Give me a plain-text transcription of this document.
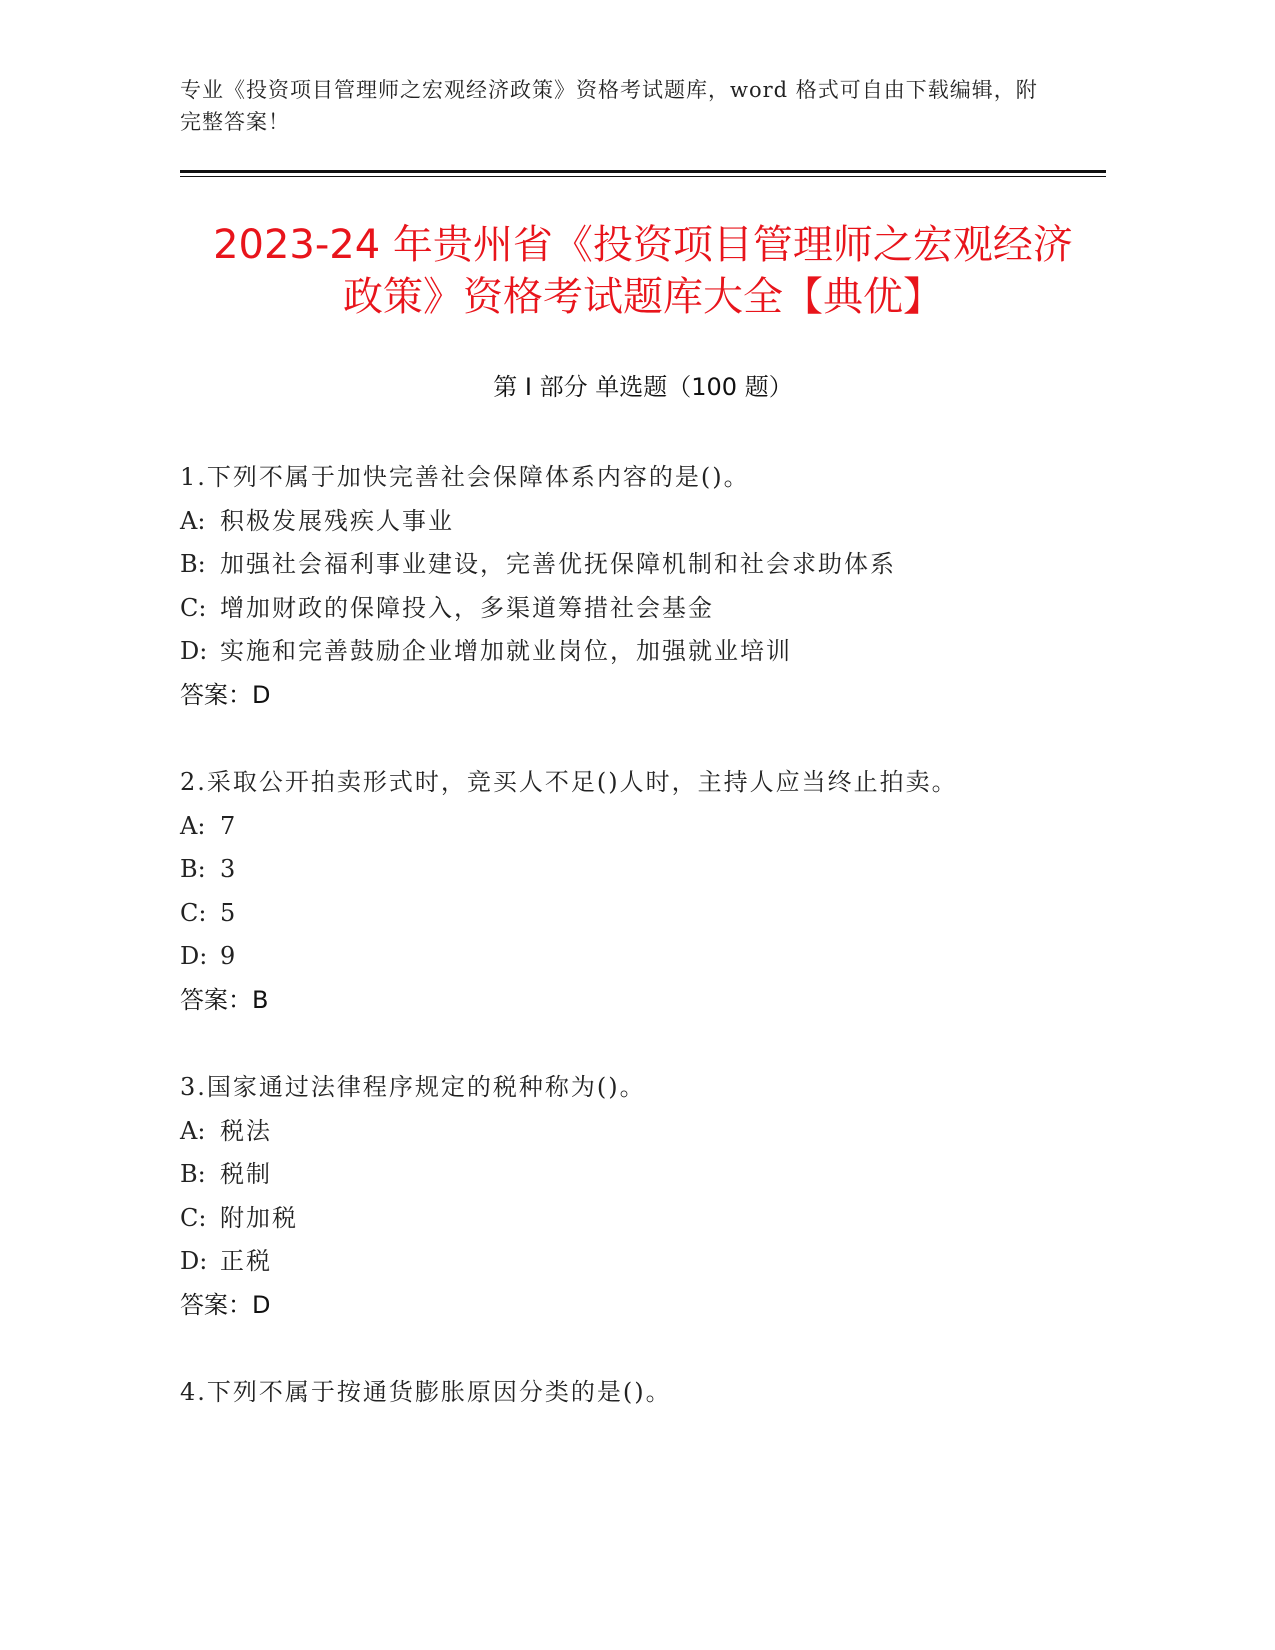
专业《投资项目管理师之宏观经济政策》资格考试题库，word 格式可自由下载编辑，附完整答案！
2023-24 年贵州省《投资项目管理师之宏观经济政策》资格考试题库大全【典优】
第 I 部分 单选题（100 题）
1.下列不属于加快完善社会保障体系内容的是()。
A: 积极发展残疾人事业
B: 加强社会福利事业建设，完善优抚保障机制和社会求助体系
C: 增加财政的保障投入，多渠道筹措社会基金
D: 实施和完善鼓励企业增加就业岗位，加强就业培训
答案：D
2.采取公开拍卖形式时，竞买人不足()人时，主持人应当终止拍卖。
A: 7
B: 3
C: 5
D: 9
答案：B
3.国家通过法律程序规定的税种称为()。
A: 税法
B: 税制
C: 附加税
D: 正税
答案：D
4.下列不属于按通货膨胀原因分类的是()。
